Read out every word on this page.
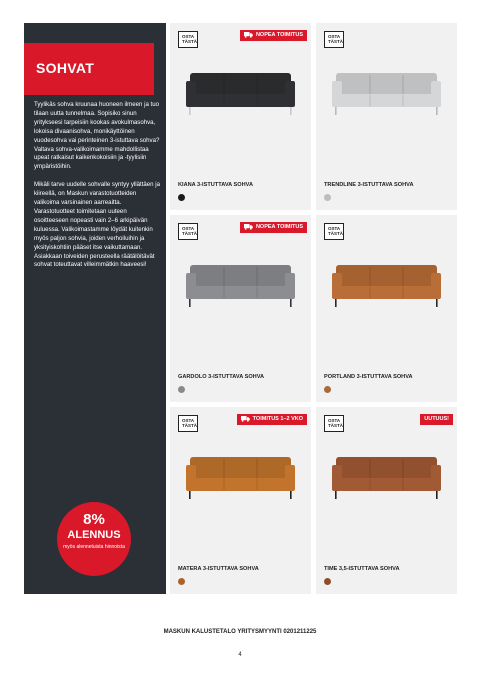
SOHVAT

Tyylikäs sohva kruunaa huoneen ilmeen ja tuo tilaan uutta tunnelmaa. Sopisiko sinun yritykseesi tarpeisiin kookas avokulmasohva, lokoisa divaanisohva, monikäyttöinen vuodesohva vai perinteinen 3-istuttava sohva? Valtava sohva-valikoimamme mahdollistaa upeat ratkaisut kaikenkokoisiin ja -tyylisiin ympäristöihin.

Mikäli tarve uudelle sohvalle syntyy yllättäen ja kiireellä, on Maskun varastotuotteiden valikoima varsinainen aarreaitta. Varastotuotteet toimitetaan uuteen osoitteeseen nopeasti vain 2–6 arkipäivän kuluessa. Valikoimastamme löydät kuitenkin myös paljon sohvia, joiden verhoiluihin ja yksityiskohtiin pääset itse vaikuttamaan. Asiakkaan toiveiden perusteella räätälöitävät sohvat toteuttavat villeimmätkin haaveesi!

8%
ALENNUS
myös alennetuista hinnoista
OSTA TÄSTÄ
NOPEA TOIMITUS
KIANA 3-ISTUTTAVA SOHVA
OSTA TÄSTÄ
TRENDLINE 3-ISTUTTAVA SOHVA
OSTA TÄSTÄ
NOPEA TOIMITUS
GARDOLO 3-ISTUTTAVA SOHVA
OSTA TÄSTÄ
PORTLAND 3-ISTUTTAVA SOHVA
OSTA TÄSTÄ
TOIMITUS 1–2 VKO
MATERA 3-ISTUTTAVA SOHVA
OSTA TÄSTÄ
UUTUUS!
TIME 3,5-ISTUTTAVA SOHVA
MASKUN KALUSTETALO YRITYSMYYNTI 0201211225
4
